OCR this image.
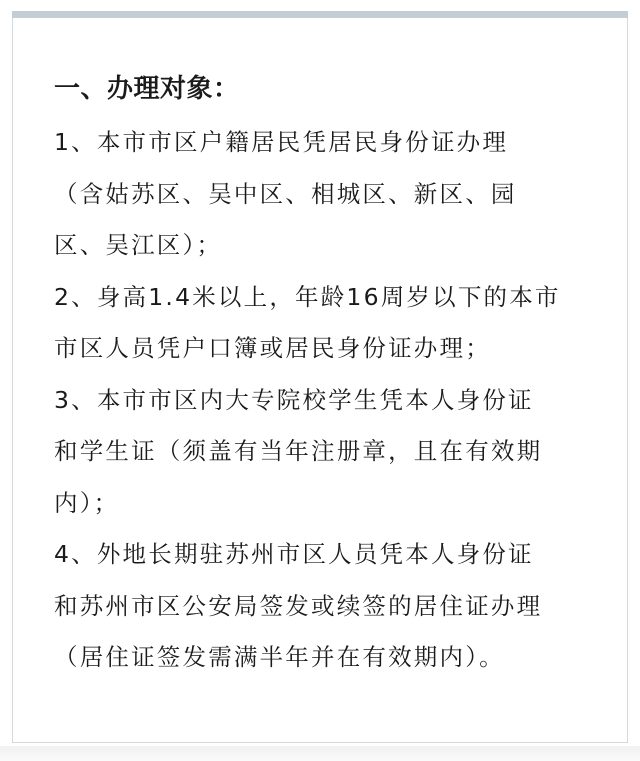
一、办理对象：

1、本市市区户籍居民凭居民身份证办理
（含姑苏区、吴中区、相城区、新区、园
区、吴江区）；

2、身高1.4米以上，年龄16周岁以下的本市
市区人员凭户口簿或居民身份证办理；

3、本市市区内大专院校学生凭本人身份证
和学生证（须盖有当年注册章，且在有效期
内）；

4、外地长期驻苏州市区人员凭本人身份证
和苏州市区公安局签发或续签的居住证办理
（居住证签发需满半年并在有效期内）。
